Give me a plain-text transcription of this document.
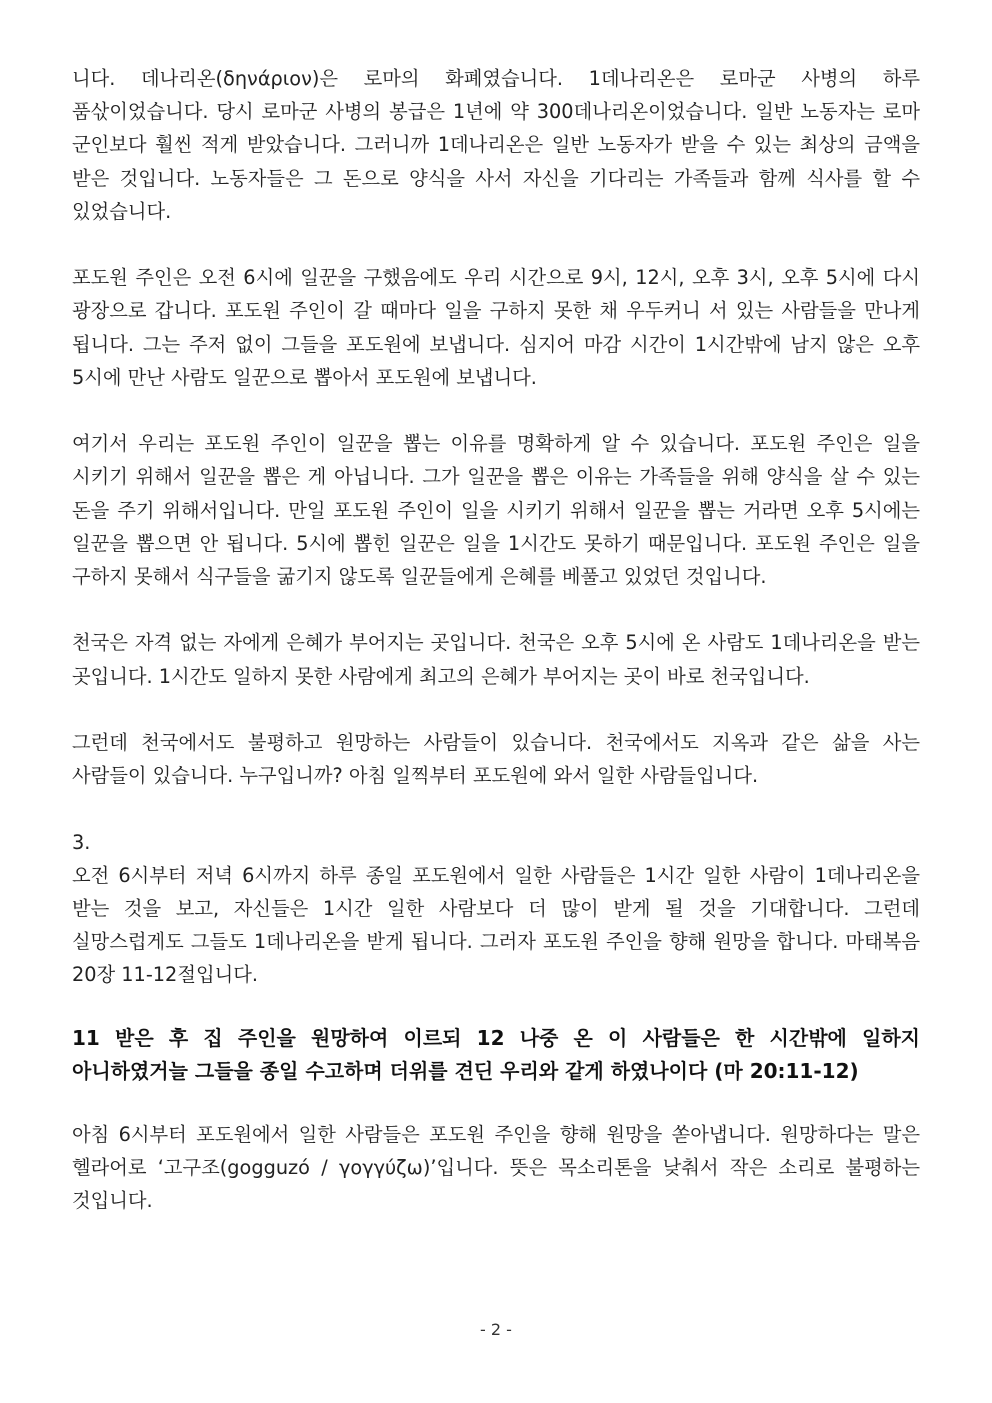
니다. 데나리온(δηνάριον)은 로마의 화폐였습니다. 1데나리온은 로마군 사병의 하루 품삯이었습니다. 당시 로마군 사병의 봉급은 1년에 약 300데나리온이었습니다. 일반 노동자는 로마 군인보다 훨씬 적게 받았습니다. 그러니까 1데나리온은 일반 노동자가 받을 수 있는 최상의 금액을 받은 것입니다. 노동자들은 그 돈으로 양식을 사서 자신을 기다리는 가족들과 함께 식사를 할 수 있었습니다.

포도원 주인은 오전 6시에 일꾼을 구했음에도 우리 시간으로 9시, 12시, 오후 3시, 오후 5시에 다시 광장으로 갑니다. 포도원 주인이 갈 때마다 일을 구하지 못한 채 우두커니 서 있는 사람들을 만나게 됩니다. 그는 주저 없이 그들을 포도원에 보냅니다. 심지어 마감 시간이 1시간밖에 남지 않은 오후 5시에 만난 사람도 일꾼으로 뽑아서 포도원에 보냅니다.

여기서 우리는 포도원 주인이 일꾼을 뽑는 이유를 명확하게 알 수 있습니다. 포도원 주인은 일을 시키기 위해서 일꾼을 뽑은 게 아닙니다. 그가 일꾼을 뽑은 이유는 가족들을 위해 양식을 살 수 있는 돈을 주기 위해서입니다. 만일 포도원 주인이 일을 시키기 위해서 일꾼을 뽑는 거라면 오후 5시에는 일꾼을 뽑으면 안 됩니다. 5시에 뽑힌 일꾼은 일을 1시간도 못하기 때문입니다. 포도원 주인은 일을 구하지 못해서 식구들을 굶기지 않도록 일꾼들에게 은혜를 베풀고 있었던 것입니다.

천국은 자격 없는 자에게 은혜가 부어지는 곳입니다. 천국은 오후 5시에 온 사람도 1데나리온을 받는 곳입니다. 1시간도 일하지 못한 사람에게 최고의 은혜가 부어지는 곳이 바로 천국입니다.

그런데 천국에서도 불평하고 원망하는 사람들이 있습니다. 천국에서도 지옥과 같은 삶을 사는 사람들이 있습니다. 누구입니까? 아침 일찍부터 포도원에 와서 일한 사람들입니다.

3.

오전 6시부터 저녁 6시까지 하루 종일 포도원에서 일한 사람들은 1시간 일한 사람이 1데나리온을 받는 것을 보고, 자신들은 1시간 일한 사람보다 더 많이 받게 될 것을 기대합니다. 그런데 실망스럽게도 그들도 1데나리온을 받게 됩니다. 그러자 포도원 주인을 향해 원망을 합니다. 마태복음 20장 11-12절입니다.

11 받은 후 집 주인을 원망하여 이르되 12 나중 온 이 사람들은 한 시간밖에 일하지 아니하였거늘 그들을 종일 수고하며 더위를 견딘 우리와 같게 하였나이다 (마 20:11-12)

아침 6시부터 포도원에서 일한 사람들은 포도원 주인을 향해 원망을 쏟아냅니다. 원망하다는 말은 헬라어로 ‘고구조(gogguzó / γογγύζω)’입니다. 뜻은 목소리톤을 낮춰서 작은 소리로 불평하는 것입니다.

- 2 -
